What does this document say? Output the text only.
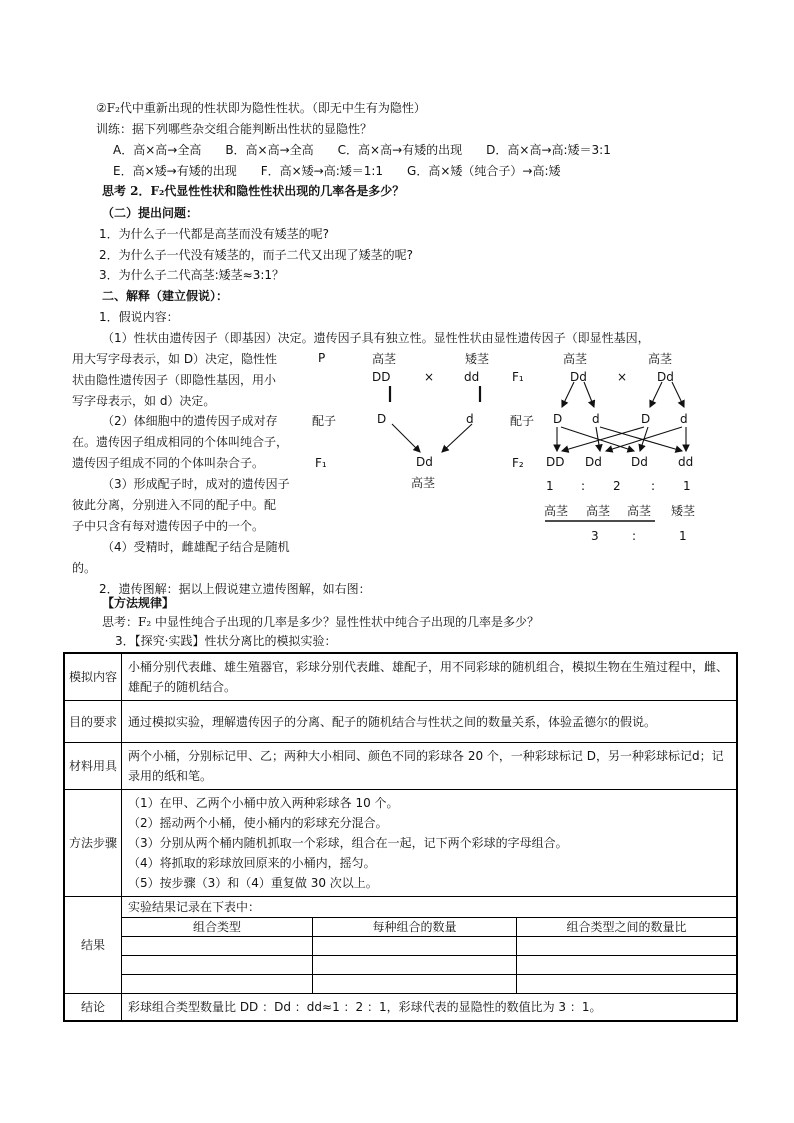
②F₂代中重新出现的性状即为隐性性状。（即无中生有为隐性）
训练：据下列哪些杂交组合能判断出性状的显隐性？
A．高×高→全高　　B．高×高→全高　　C．高×高→有矮的出现　　D．高×高→高:矮＝3:1
E．高×矮→有矮的出现　　F．高×矮→高:矮＝1:1　　G．高×矮（纯合子）→高:矮
思考 2．F₂代显性性状和隐性性状出现的几率各是多少？
（二）提出问题：
1．为什么子一代都是高茎而没有矮茎的呢?
2．为什么子一代没有矮茎的，而子二代又出现了矮茎的呢?
3．为什么子二代高茎:矮茎≈3:1？
二、解释（建立假说）：
1．假说内容：
（1）性状由遗传因子（即基因）决定。遗传因子具有独立性。显性性状由显性遗传因子（即显性基因，
用大写字母表示，如 D）决定，隐性性
状由隐性遗传因子（即隐性基因，用小
写字母表示，如 d）决定。
（2）体细胞中的遗传因子成对存
在。遗传因子组成相同的个体叫纯合子，
遗传因子组成不同的个体叫杂合子。
（3）形成配子时，成对的遗传因子
彼此分离，分别进入不同的配子中。配
子中只含有每对遗传因子中的一个。
（4）受精时，雌雄配子结合是随机
的。
2．遗传图解：据以上假说建立遗传图解，如右图：
P	高茎	矮茎
DD	× dd
配子	D	d
F₁	Dd
高茎
高茎	高茎
F₁	Dd	× Dd
配子 D d	D d
F₂ DD Dd Dd	dd
1 : 2	: 1
高茎 高茎 高茎 矮茎
3	:	1
【方法规律】
思考：F₂ 中显性纯合子出现的几率是多少？显性性状中纯合子出现的几率是多少？
3．【探究·实践】性状分离比的模拟实验：
模拟内容	小桶分别代表雌、雄生殖器官，彩球分别代表雌、雄配子，用不同彩球的随机组合，模拟生物在生殖过程中，雌、雄配子的随机结合。
目的要求	通过模拟实验，理解遗传因子的分离、配子的随机结合与性状之间的数量关系，体验孟德尔的假说。
材料用具	两个小桶，分别标记甲、乙；两种大小相同、颜色不同的彩球各 20 个，一种彩球标记 D，另一种彩球标记d；记录用的纸和笔。
方法步骤	
（1）在甲、乙两个小桶中放入两种彩球各 10 个。
（2）摇动两个小桶，使小桶内的彩球充分混合。
（3）分别从两个桶内随机抓取一个彩球，组合在一起，记下两个彩球的字母组合。
（4）将抓取的彩球放回原来的小桶内，摇匀。
（5）按步骤（3）和（4）重复做 30 次以上。

结果	
实验结果记录在下表中：
组合类型	每种组合的数量	组合类型之间的数量比

结论	彩球组合类型数量比 DD ：Dd ：dd≈1 ：2 ：1，彩球代表的显隐性的数值比为 3 ：1。
